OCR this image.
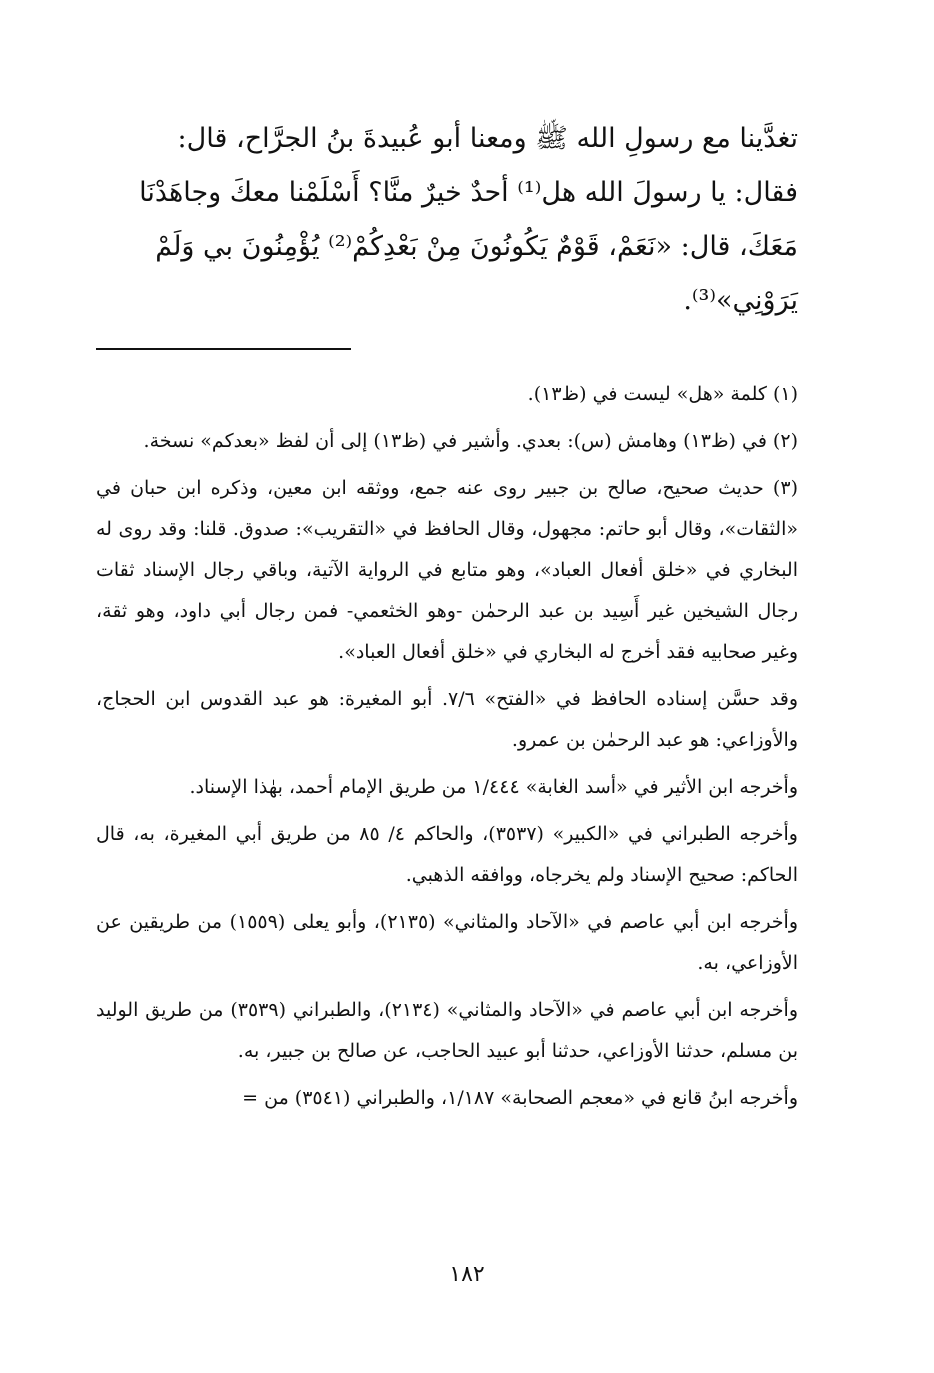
تغدَّينا مع رسولِ الله ﷺ ومعنا أبو عُبيدةَ بنُ الجرَّاح، قال:

فقال: يا رسولَ الله هل⁽¹⁾ أحدٌ خيرٌ منَّا؟ أَسْلَمْنا معكَ وجاهَدْنَا

مَعَكَ، قال: «نَعَمْ، قَوْمٌ يَكُونُونَ مِنْ بَعْدِكُمْ⁽²⁾ يُؤْمِنُونَ بي وَلَمْ

يَرَوْنِي»⁽³⁾.

(١) كلمة «هل» ليست في (ظ١٣).

(٢) في (ظ١٣) وهامش (س): بعدي. وأشير في (ظ١٣) إلى أن لفظ «بعدكم» نسخة.

(٣) حديث صحيح، صالح بن جبير روى عنه جمع، ووثقه ابن معين، وذكره ابن حبان في «الثقات»، وقال أبو حاتم: مجهول، وقال الحافظ في «التقريب»: صدوق. قلنا: وقد روى له البخاري في «خلق أفعال العباد»، وهو متابع في الرواية الآتية، وباقي رجال الإسناد ثقات رجال الشيخين غير أَسِيد بن عبد الرحمٰن -وهو الخثعمي- فمن رجال أبي داود، وهو ثقة، وغير صحابيه فقد أخرج له البخاري في «خلق أفعال العباد».

وقد حسَّن إسناده الحافظ في «الفتح» ٧/٦. أبو المغيرة: هو عبد القدوس ابن الحجاج، والأوزاعي: هو عبد الرحمٰن بن عمرو.

وأخرجه ابن الأثير في «أسد الغابة» ١/٤٤٤ من طريق الإمام أحمد، بهٰذا الإسناد.

وأخرجه الطبراني في «الكبير» (٣٥٣٧)، والحاكم ٤/ ٨٥ من طريق أبي المغيرة، به، قال الحاكم: صحيح الإسناد ولم يخرجاه، ووافقه الذهبي.

وأخرجه ابن أبي عاصم في «الآحاد والمثاني» (٢١٣٥)، وأبو يعلى (١٥٥٩) من طريقين عن الأوزاعي، به.

وأخرجه ابن أبي عاصم في «الآحاد والمثاني» (٢١٣٤)، والطبراني (٣٥٣٩) من طريق الوليد بن مسلم، حدثنا الأوزاعي، حدثنا أبو عبيد الحاجب، عن صالح بن جبير، به.

وأخرجه ابنُ قانع في «معجم الصحابة» ١/١٨٧، والطبراني (٣٥٤١) من =

١٨٢
